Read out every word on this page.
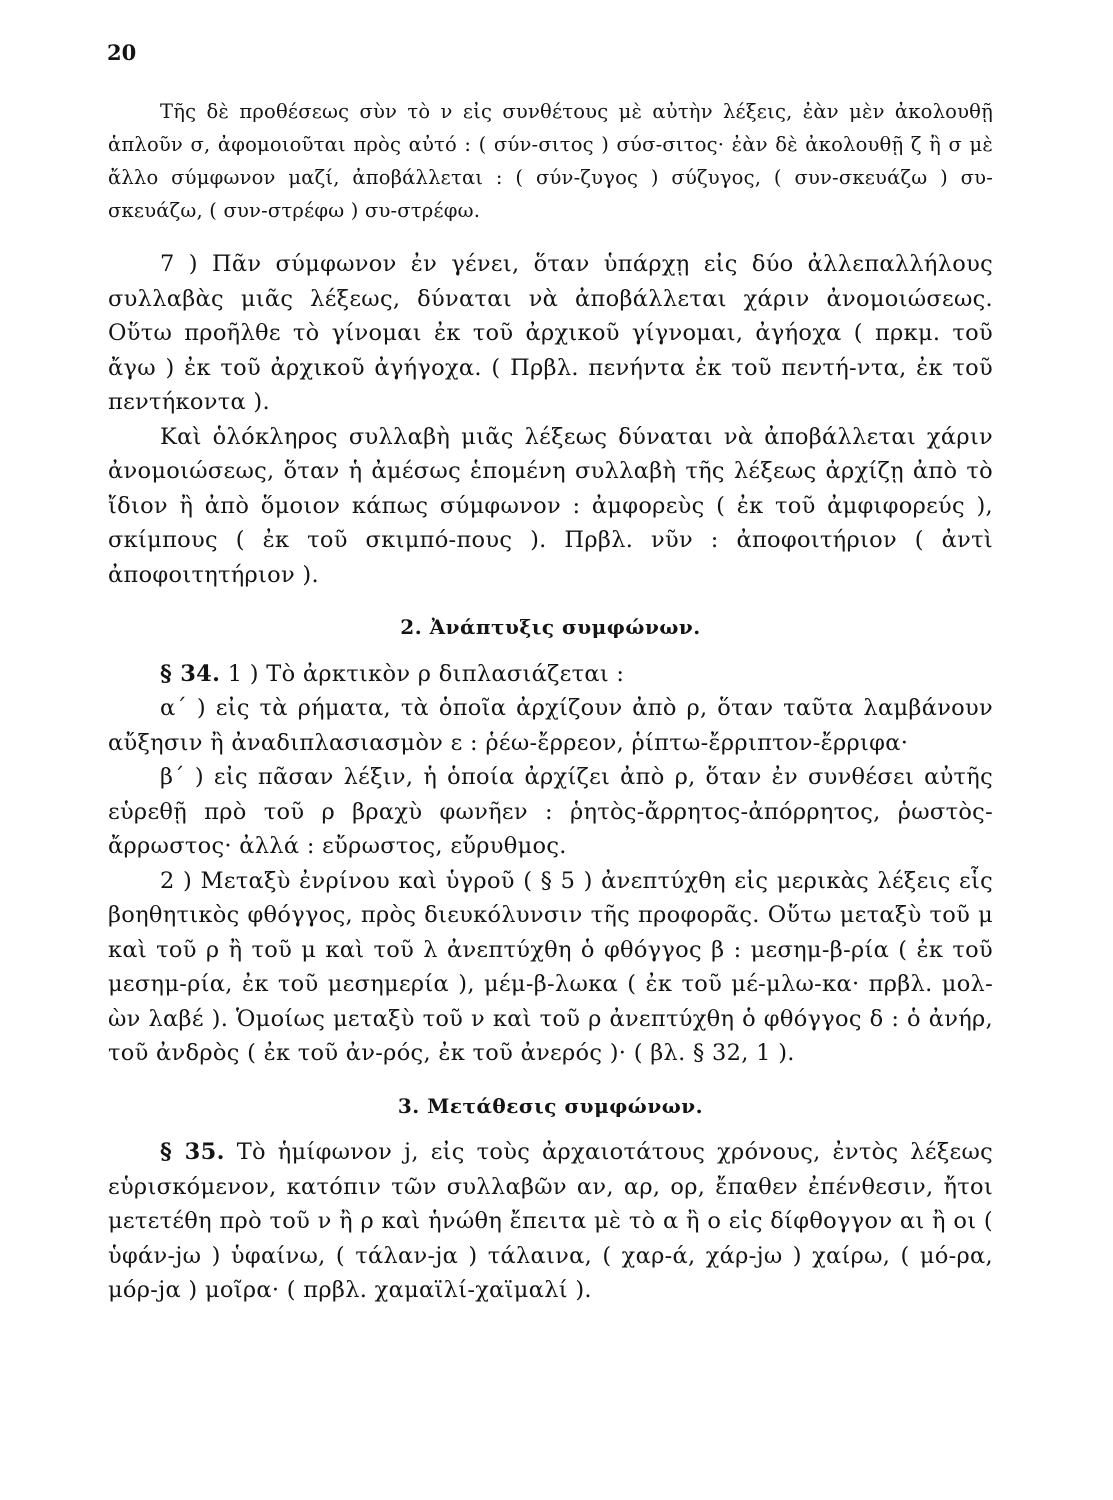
20

Τῆς δὲ προθέσεως σὺν τὸ ν εἰς συνθέτους μὲ αὐτὴν λέξεις, ἐὰν μὲν ἀκολουθῇ ἁπλοῦν σ, ἀφομοιοῦται πρὸς αὐτό : ( σύν-σιτος ) σύσ-σιτος· ἐὰν δὲ ἀκολουθῇ ζ ἢ σ μὲ ἄλλο σύμφωνον μαζί, ἀποβάλλεται : ( σύν-ζυγος ) σύζυγος, ( συν-σκευάζω ) συ-σκευάζω, ( συν-στρέφω ) συ-στρέφω.

7 ) Πᾶν σύμφωνον ἐν γένει, ὅταν ὑπάρχῃ εἰς δύο ἀλλεπαλλήλους συλλαβὰς μιᾶς λέξεως, δύναται νὰ ἀποβάλλεται χάριν ἀνομοιώσεως. Οὕτω προῆλθε τὸ γίνομαι ἐκ τοῦ ἀρχικοῦ γίγνομαι, ἀγήοχα ( πρκμ. τοῦ ἄγω ) ἐκ τοῦ ἀρχικοῦ ἀγήγοχα. ( Πρβλ. πενήντα ἐκ τοῦ πεντή-ντα, ἐκ τοῦ πεντήκοντα ).

Καὶ ὁλόκληρος συλλαβὴ μιᾶς λέξεως δύναται νὰ ἀποβάλλεται χάριν ἀνομοιώσεως, ὅταν ἡ ἀμέσως ἑπομένη συλλαβὴ τῆς λέξεως ἀρχίζῃ ἀπὸ τὸ ἴδιον ἢ ἀπὸ ὅμοιον κάπως σύμφωνον : ἀμφορεὺς ( ἐκ τοῦ ἀμφιφορεύς ), σκίμπους ( ἐκ τοῦ σκιμπό-πους ). Πρβλ. νῦν : ἀποφοιτήριον ( ἀντὶ ἀποφοιτητήριον ).

2. Ἀνάπτυξις συμφώνων.

§ 34. 1 ) Τὸ ἀρκτικὸν ρ διπλασιάζεται :

α΄ ) εἰς τὰ ρήματα, τὰ ὁποῖα ἀρχίζουν ἀπὸ ρ, ὅταν ταῦτα λαμβάνουν αὔξησιν ἢ ἀναδιπλασιασμὸν ε : ῥέω-ἔρρεον, ῥίπτω-ἔρριπτον-ἔρριφα·

β΄ ) εἰς πᾶσαν λέξιν, ἡ ὁποία ἀρχίζει ἀπὸ ρ, ὅταν ἐν συνθέσει αὐτῆς εὑρεθῇ πρὸ τοῦ ρ βραχὺ φωνῆεν : ῥητὸς-ἄρρητος-ἀπόρρητος, ῥωστὸς-ἄρρωστος· ἀλλά : εὔρωστος, εὔρυθμος.

2 ) Μεταξὺ ἐνρίνου καὶ ὑγροῦ ( § 5 ) ἀνεπτύχθη εἰς μερικὰς λέξεις εἷς βοηθητικὸς φθόγγος, πρὸς διευκόλυνσιν τῆς προφορᾶς. Οὕτω μεταξὺ τοῦ μ καὶ τοῦ ρ ἢ τοῦ μ καὶ τοῦ λ ἀνεπτύχθη ὁ φθόγγος β : μεσημ-β-ρία ( ἐκ τοῦ μεσημ-ρία, ἐκ τοῦ μεσημερία ), μέμ-β-λωκα ( ἐκ τοῦ μέ-μλω-κα· πρβλ. μολ-ὼν λαβέ ). Ὁμοίως μεταξὺ τοῦ ν καὶ τοῦ ρ ἀνεπτύχθη ὁ φθόγγος δ : ὁ ἀνήρ, τοῦ ἀνδρὸς ( ἐκ τοῦ ἀν-ρός, ἐκ τοῦ ἀνερός )· ( βλ. § 32, 1 ).

3. Μετάθεσις συμφώνων.

§ 35. Τὸ ἡμίφωνον j, εἰς τοὺς ἀρχαιοτάτους χρόνους, ἐντὸς λέξεως εὑρισκόμενον, κατόπιν τῶν συλλαβῶν αν, αρ, ορ, ἔπαθεν ἐπένθεσιν, ἤτοι μετετέθη πρὸ τοῦ ν ἢ ρ καὶ ἡνώθη ἔπειτα μὲ τὸ α ἢ ο εἰς δίφθογγον αι ἢ οι ( ὑφάν-jω ) ὑφαίνω, ( τάλαν-jα ) τάλαινα, ( χαρ-ά, χάρ-jω ) χαίρω, ( μό-ρα, μόρ-jα ) μοῖρα· ( πρβλ. χαμαϊλί-χαϊμαλί ).
